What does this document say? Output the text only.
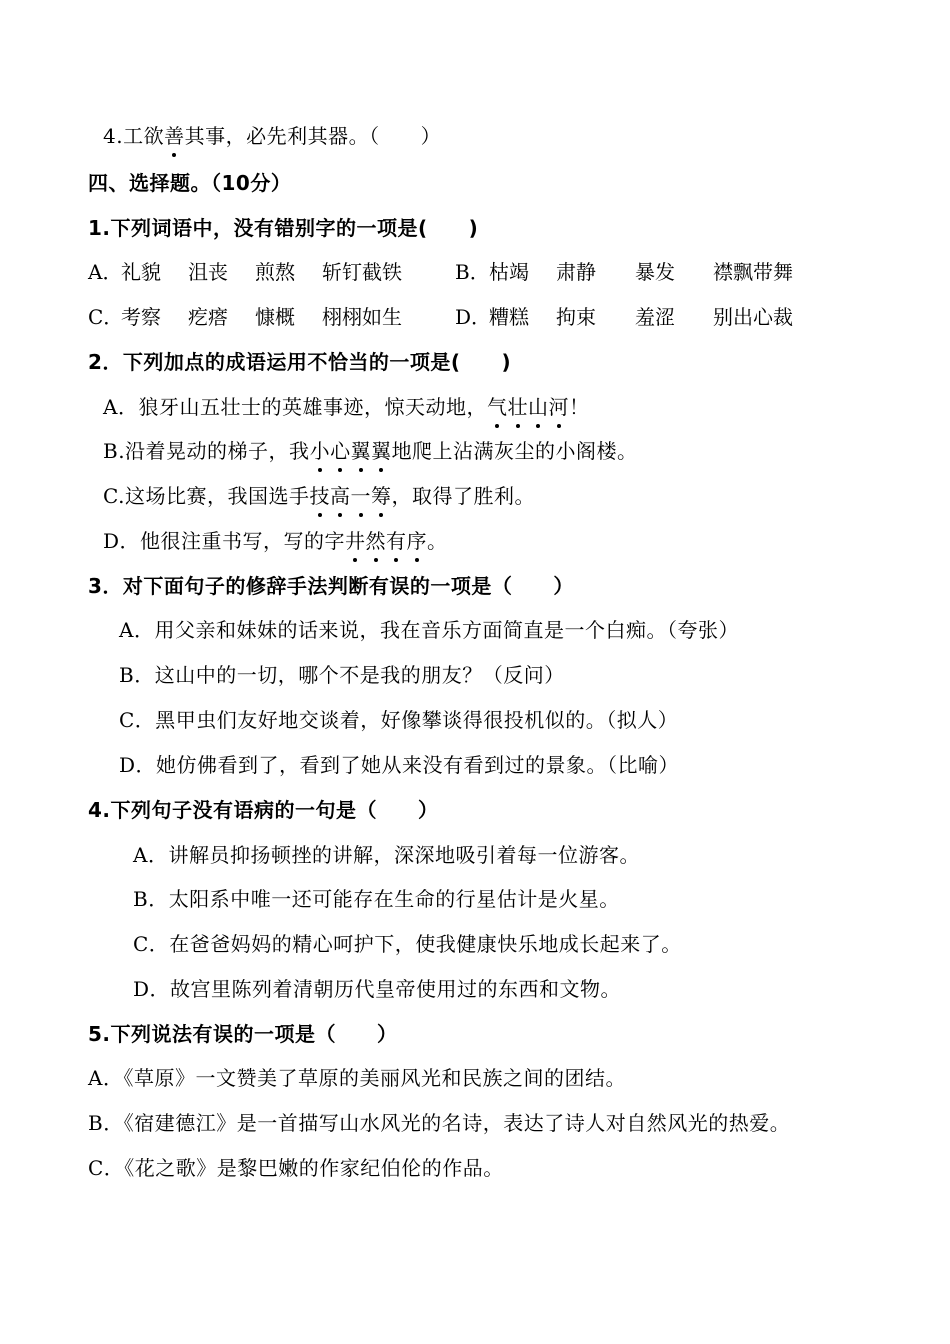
4.工欲善其事，必先利其器。（　　）
四、选择题。（10分）
1.下列词语中，没有错别字的一项是(　　)
A．
礼貌 沮丧 煎熬 斩钉截铁	B． 枯竭 肃静 暴发 襟飘带舞
C．
考察 疙瘩 慷概 栩栩如生	D．
糟糕 拘束 羞涩 别出心裁
2．下列加点的成语运用不恰当的一项是(　　)
A．狼牙山五壮士的英雄事迹，惊天动地，气壮山河！
B.沿着晃动的梯子，我小心翼翼地爬上沾满灰尘的小阁楼。
C.这场比赛，我国选手技高一筹，取得了胜利。
D．他很注重书写，写的字井然有序。
3．对下面句子的修辞手法判断有误的一项是（　　）
A．用父亲和妹妹的话来说，我在音乐方面简直是一个白痴。（夸张）
B．这山中的一切，哪个不是我的朋友？（反问）
C．黑甲虫们友好地交谈着，好像攀谈得很投机似的。（拟人）
D．她仿佛看到了，看到了她从来没有看到过的景象。（比喻）
4.下列句子没有语病的一句是（　　）
A．讲解员抑扬顿挫的讲解，深深地吸引着每一位游客。
B．太阳系中唯一还可能存在生命的行星估计是火星。
C．在爸爸妈妈的精心呵护下，使我健康快乐地成长起来了。
D．故宫里陈列着清朝历代皇帝使用过的东西和文物。
5.下列说法有误的一项是（　　）
A．《草原》一文赞美了草原的美丽风光和民族之间的团结。
B．《宿建德江》是一首描写山水风光的名诗，表达了诗人对自然风光的热爱。
C．《花之歌》是黎巴嫩的作家纪伯伦的作品。
